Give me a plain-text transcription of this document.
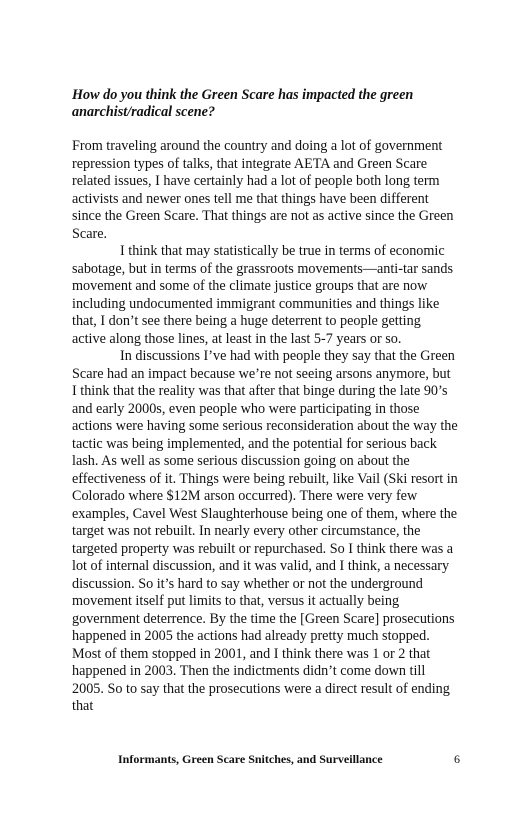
How do you think the Green Scare has impacted the green anarchist/radical scene?

From traveling around the country and doing a lot of government repression types of talks, that integrate AETA and Green Scare related issues, I have certainly had a lot of people both long term activists and newer ones tell me that things have been different since the Green Scare. That things are not as active since the Green Scare.

I think that may statistically be true in terms of economic sabotage, but in terms of the grassroots movements—anti-tar sands movement and some of the climate justice groups that are now including undocumented immigrant communities and things like that, I don’t see there being a huge deterrent to people getting active along those lines, at least in the last 5-7 years or so.

In discussions I’ve had with people they say that the Green Scare had an impact because we’re not seeing arsons anymore, but I think that the reality was that after that binge during the late 90’s and early 2000s, even people who were participating in those actions were having some serious reconsideration about the way the tactic was being implemented, and the potential for serious back lash. As well as some serious discussion going on about the effectiveness of it. Things were being rebuilt, like Vail (Ski resort in Colorado where $12M arson occurred). There were very few examples, Cavel West Slaughterhouse being one of them, where the target was not rebuilt. In nearly every other circumstance, the targeted property was rebuilt or repurchased. So I think there was a lot of internal discussion, and it was valid, and I think, a necessary discussion. So it’s hard to say whether or not the underground movement itself put limits to that, versus it actually being government deterrence. By the time the [Green Scare] prosecutions happened in 2005 the actions had already pretty much stopped. Most of them stopped in 2001, and I think there was 1 or 2 that happened in 2003. Then the indictments didn’t come down till 2005. So to say that the prosecutions were a direct result of ending that

Informants, Green Scare Snitches, and Surveillance	6
